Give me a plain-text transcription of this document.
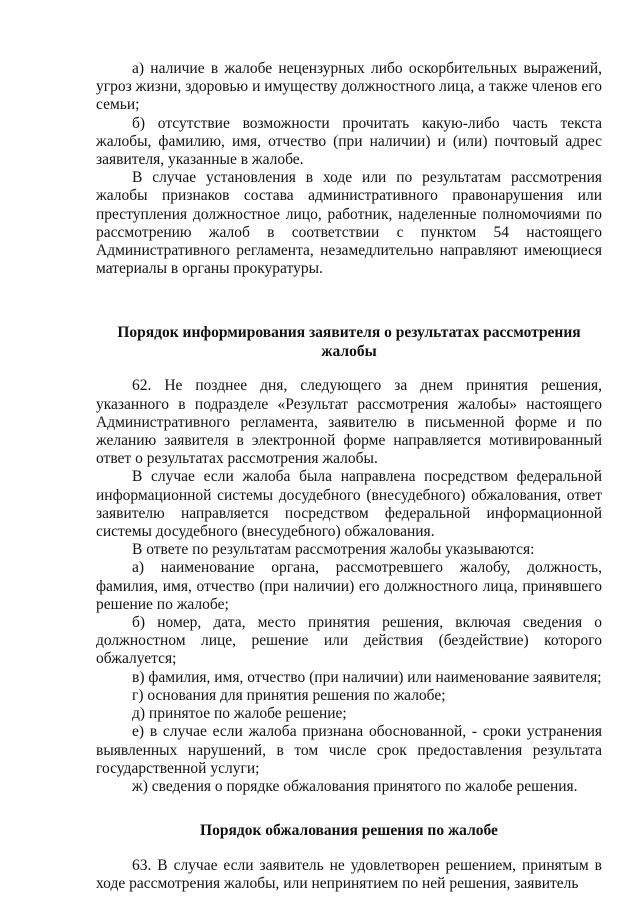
а) наличие в жалобе нецензурных либо оскорбительных выражений, угроз жизни, здоровью и имуществу должностного лица, а также членов его семьи;

б) отсутствие возможности прочитать какую-либо часть текста жалобы, фамилию, имя, отчество (при наличии) и (или) почтовый адрес заявителя, указанные в жалобе.

В случае установления в ходе или по результатам рассмотрения жалобы признаков состава административного правонарушения или преступления должностное лицо, работник, наделенные полномочиями по рассмотрению жалоб в соответствии с пунктом 54 настоящего Административного регламента, незамедлительно направляют имеющиеся материалы в органы прокуратуры.

Порядок информирования заявителя о результатах рассмотрения жалобы

62. Не позднее дня, следующего за днем принятия решения, указанного в подразделе «Результат рассмотрения жалобы» настоящего Административного регламента, заявителю в письменной форме и по желанию заявителя в электронной форме направляется мотивированный ответ о результатах рассмотрения жалобы.

В случае если жалоба была направлена посредством федеральной информационной системы досудебного (внесудебного) обжалования, ответ заявителю направляется посредством федеральной информационной системы досудебного (внесудебного) обжалования.

В ответе по результатам рассмотрения жалобы указываются:

а) наименование органа, рассмотревшего жалобу, должность, фамилия, имя, отчество (при наличии) его должностного лица, принявшего решение по жалобе;

б) номер, дата, место принятия решения, включая сведения о должностном лице, решение или действия (бездействие) которого обжалуется;

в) фамилия, имя, отчество (при наличии) или наименование заявителя;

г) основания для принятия решения по жалобе;

д) принятое по жалобе решение;

е) в случае если жалоба признана обоснованной, - сроки устранения выявленных нарушений, в том числе срок предоставления результата государственной услуги;

ж) сведения о порядке обжалования принятого по жалобе решения.

Порядок обжалования решения по жалобе

63. В случае если заявитель не удовлетворен решением, принятым в ходе рассмотрения жалобы, или непринятием по ней решения, заявитель
